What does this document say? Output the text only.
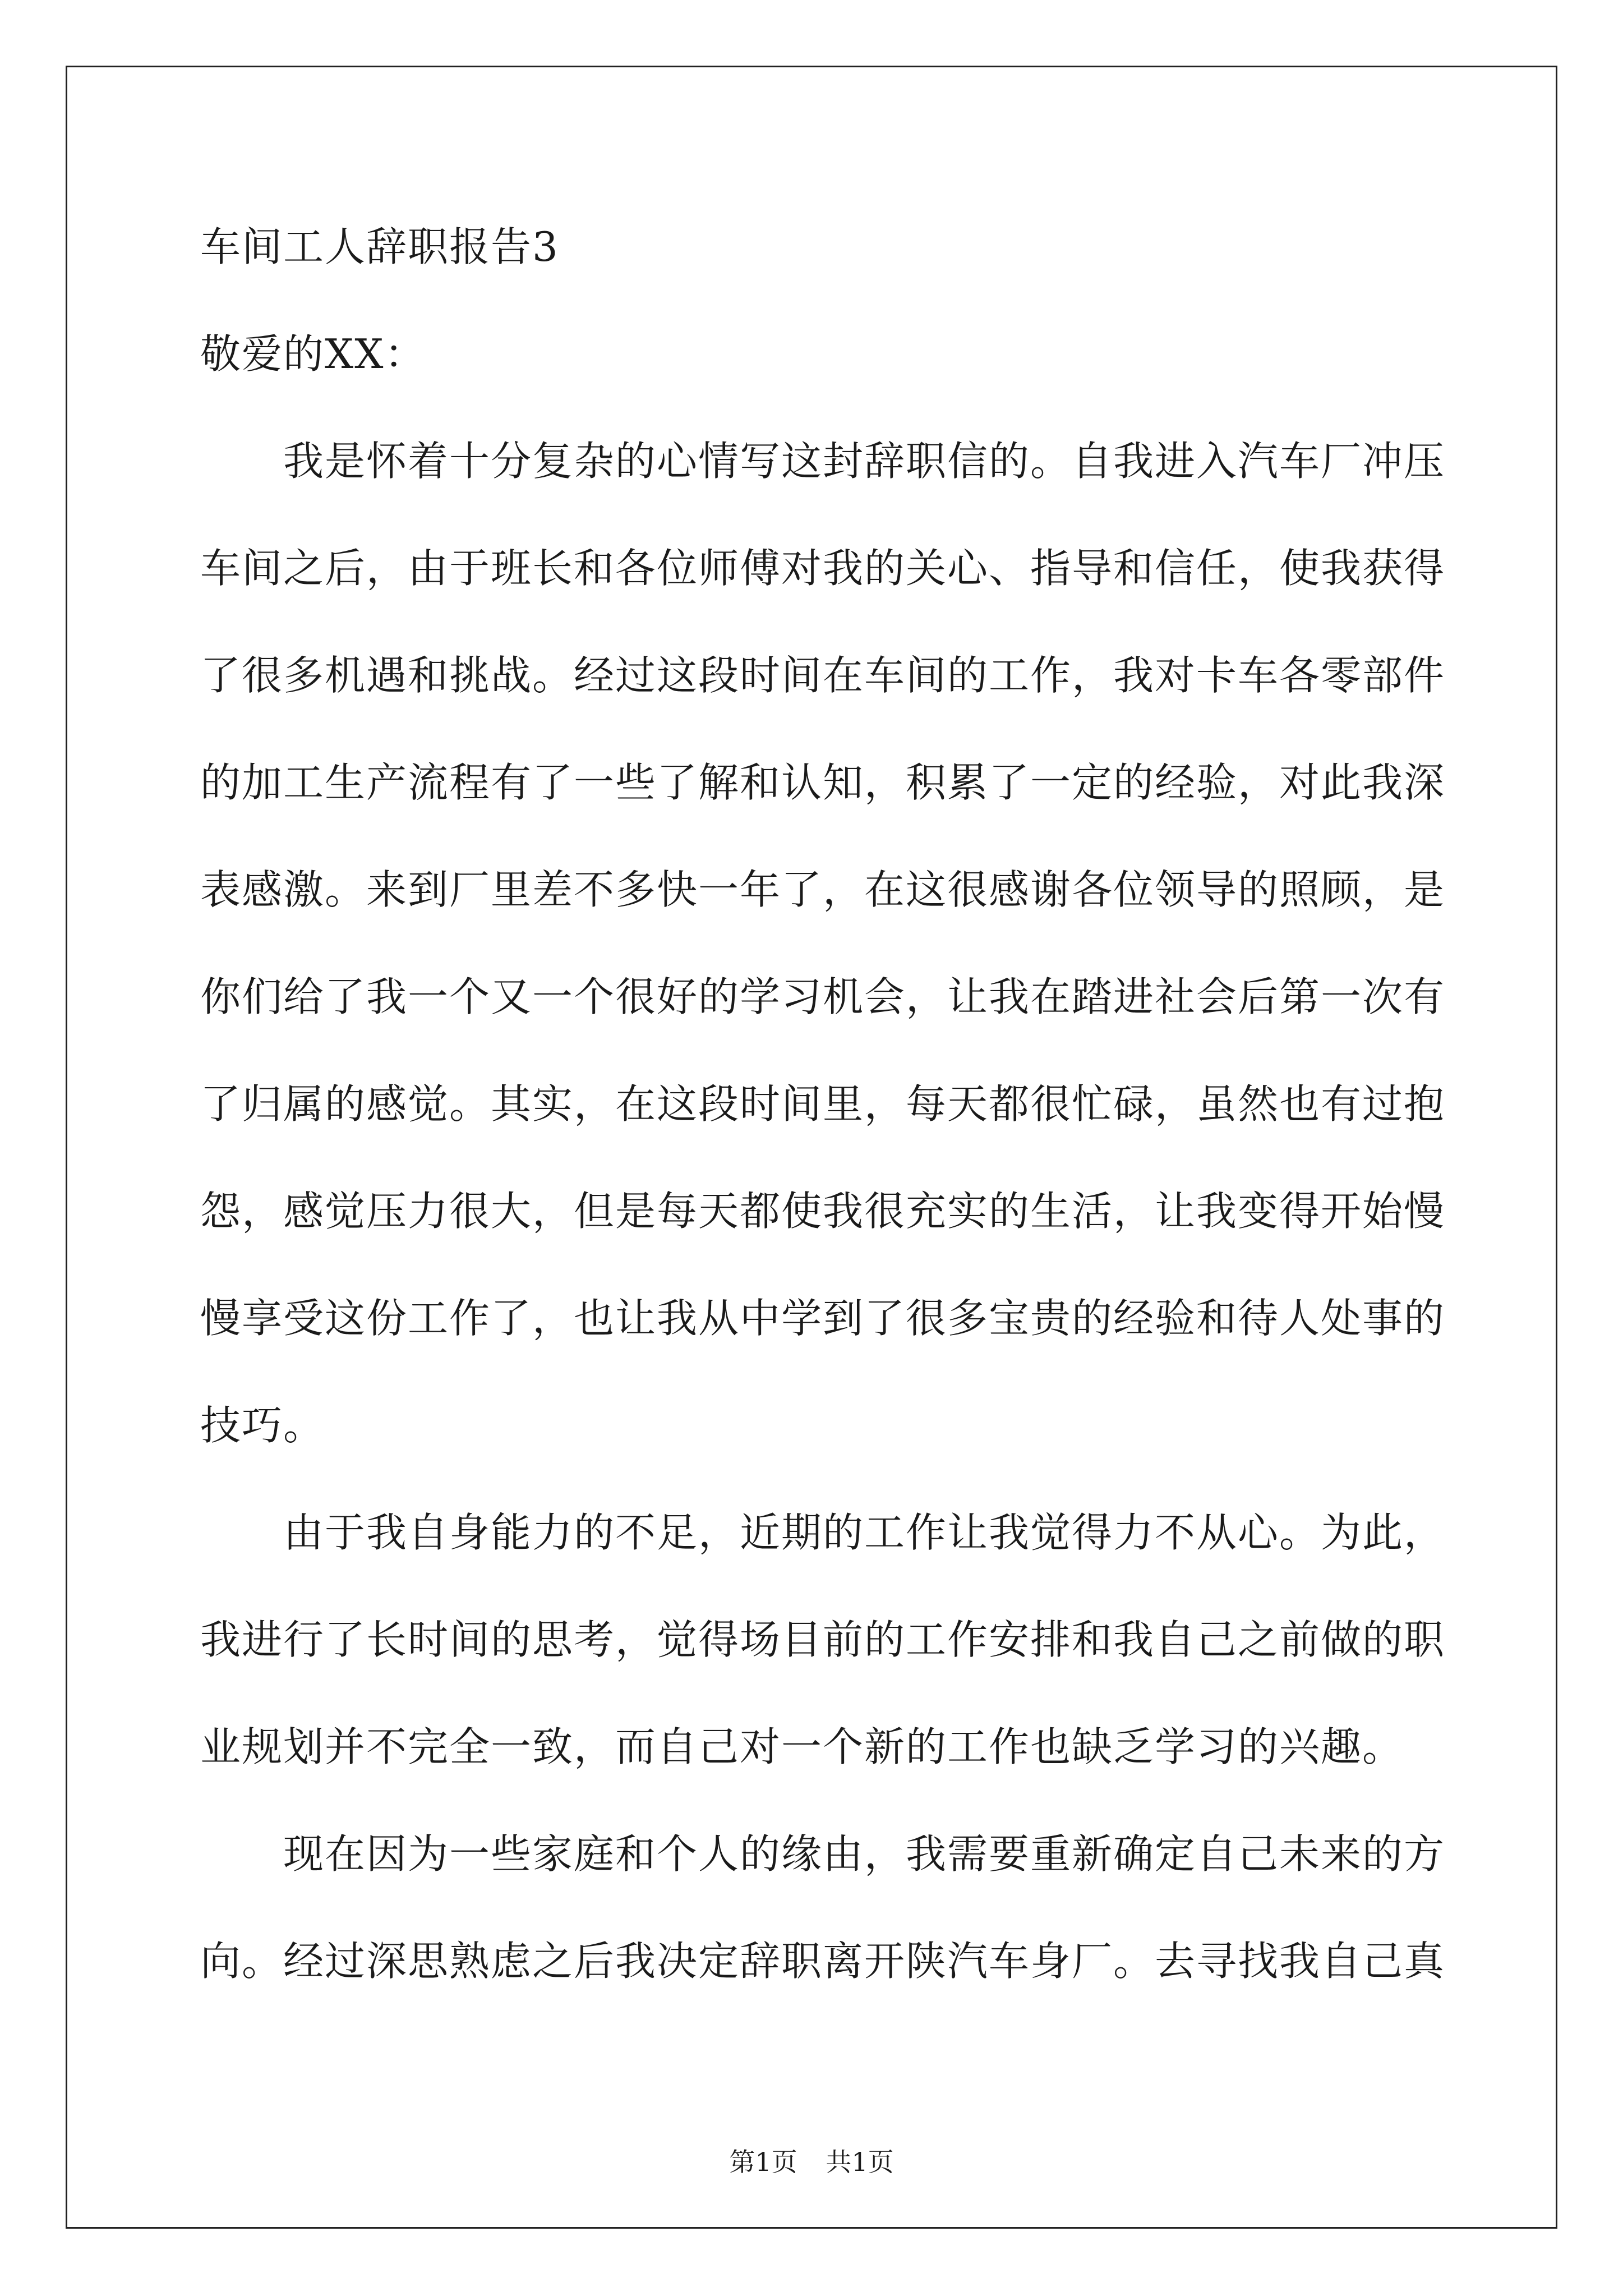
车间工人辞职报告3
敬爱的XX：
我是怀着十分复杂的心情写这封辞职信的。自我进入汽车厂冲压
车间之后，由于班长和各位师傅对我的关心、指导和信任，使我获得
了很多机遇和挑战。经过这段时间在车间的工作，我对卡车各零部件
的加工生产流程有了一些了解和认知，积累了一定的经验，对此我深
表感激。来到厂里差不多快一年了，在这很感谢各位领导的照顾，是
你们给了我一个又一个很好的学习机会，让我在踏进社会后第一次有
了归属的感觉。其实，在这段时间里，每天都很忙碌，虽然也有过抱
怨，感觉压力很大，但是每天都使我很充实的生活，让我变得开始慢
慢享受这份工作了，也让我从中学到了很多宝贵的经验和待人处事的
技巧。
由于我自身能力的不足，近期的工作让我觉得力不从心。为此，
我进行了长时间的思考，觉得场目前的工作安排和我自己之前做的职
业规划并不完全一致，而自己对一个新的工作也缺乏学习的兴趣。
现在因为一些家庭和个人的缘由，我需要重新确定自己未来的方
向。经过深思熟虑之后我决定辞职离开陕汽车身厂。去寻找我自己真
第1页 共1页
